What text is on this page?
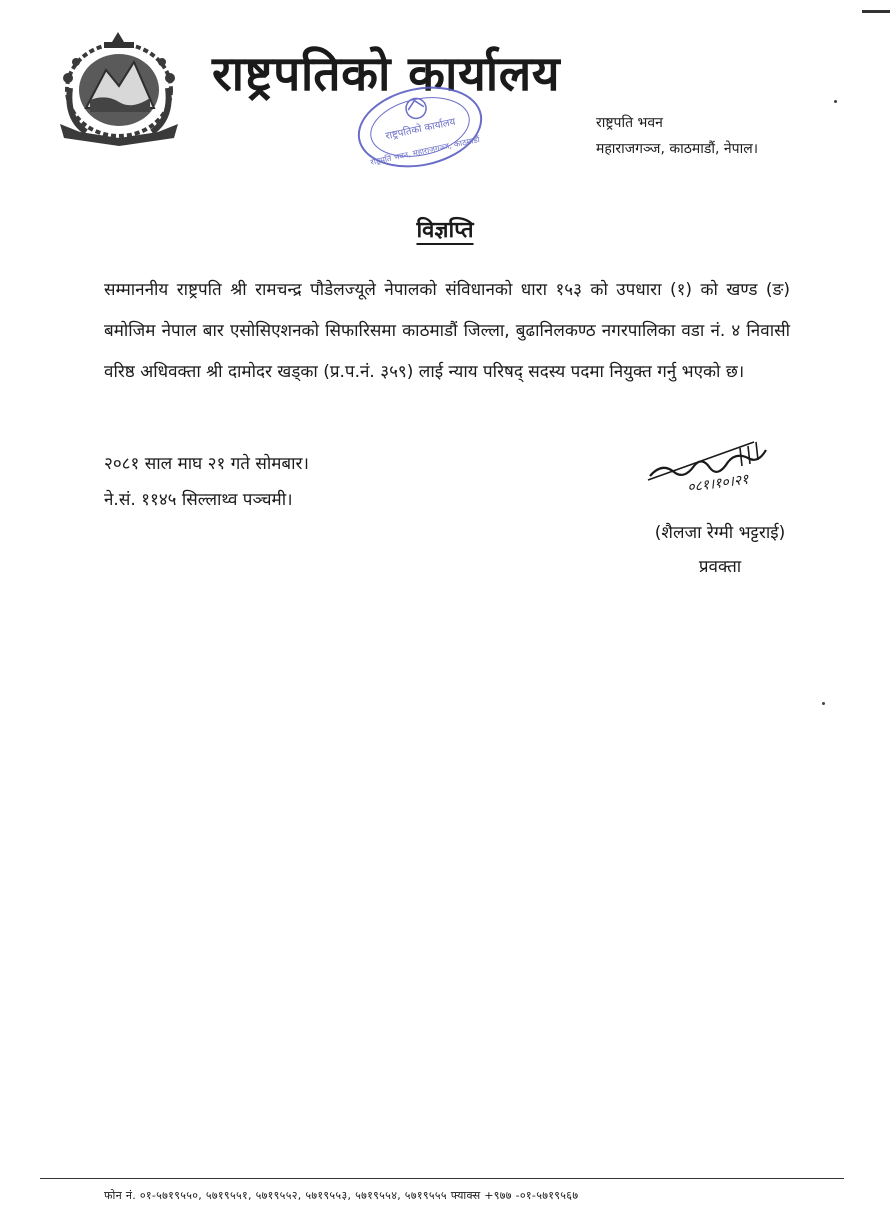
राष्ट्रपतिको कार्यालय
राष्ट्रपतिको कार्यालय
राष्ट्रपति भवन, महाराजगञ्ज, काठमाडौं
राष्ट्रपति भवन
महाराजगञ्ज, काठमाडौं, नेपाल।
विज्ञप्ति
सम्माननीय राष्ट्रपति श्री रामचन्द्र पौडेलज्यूले नेपालको संविधानको धारा १५३ को उपधारा (१) को खण्ड (ङ) बमोजिम नेपाल बार एसोसिएशनको सिफारिसमा काठमाडौं जिल्ला, बुढानिलकण्ठ नगरपालिका वडा नं. ४ निवासी वरिष्ठ अधिवक्ता श्री दामोदर खड्का (प्र.प.नं. ३५९) लाई न्याय परिषद् सदस्य पदमा नियुक्त गर्नु भएको छ।
२०८१ साल माघ २१ गते सोमबार।
ने.सं. ११४५ सिल्लाथ्व पञ्चमी।
०८१।१०।२१
(शैलजा रेग्मी भट्टराई)
प्रवक्ता
फोन नं. ०१-५७१९५५०, ५७१९५५१, ५७१९५५२, ५७१९५५३, ५७१९५५४, ५७१९५५५ फ्याक्स +९७७ -०१-५७१९५६७
